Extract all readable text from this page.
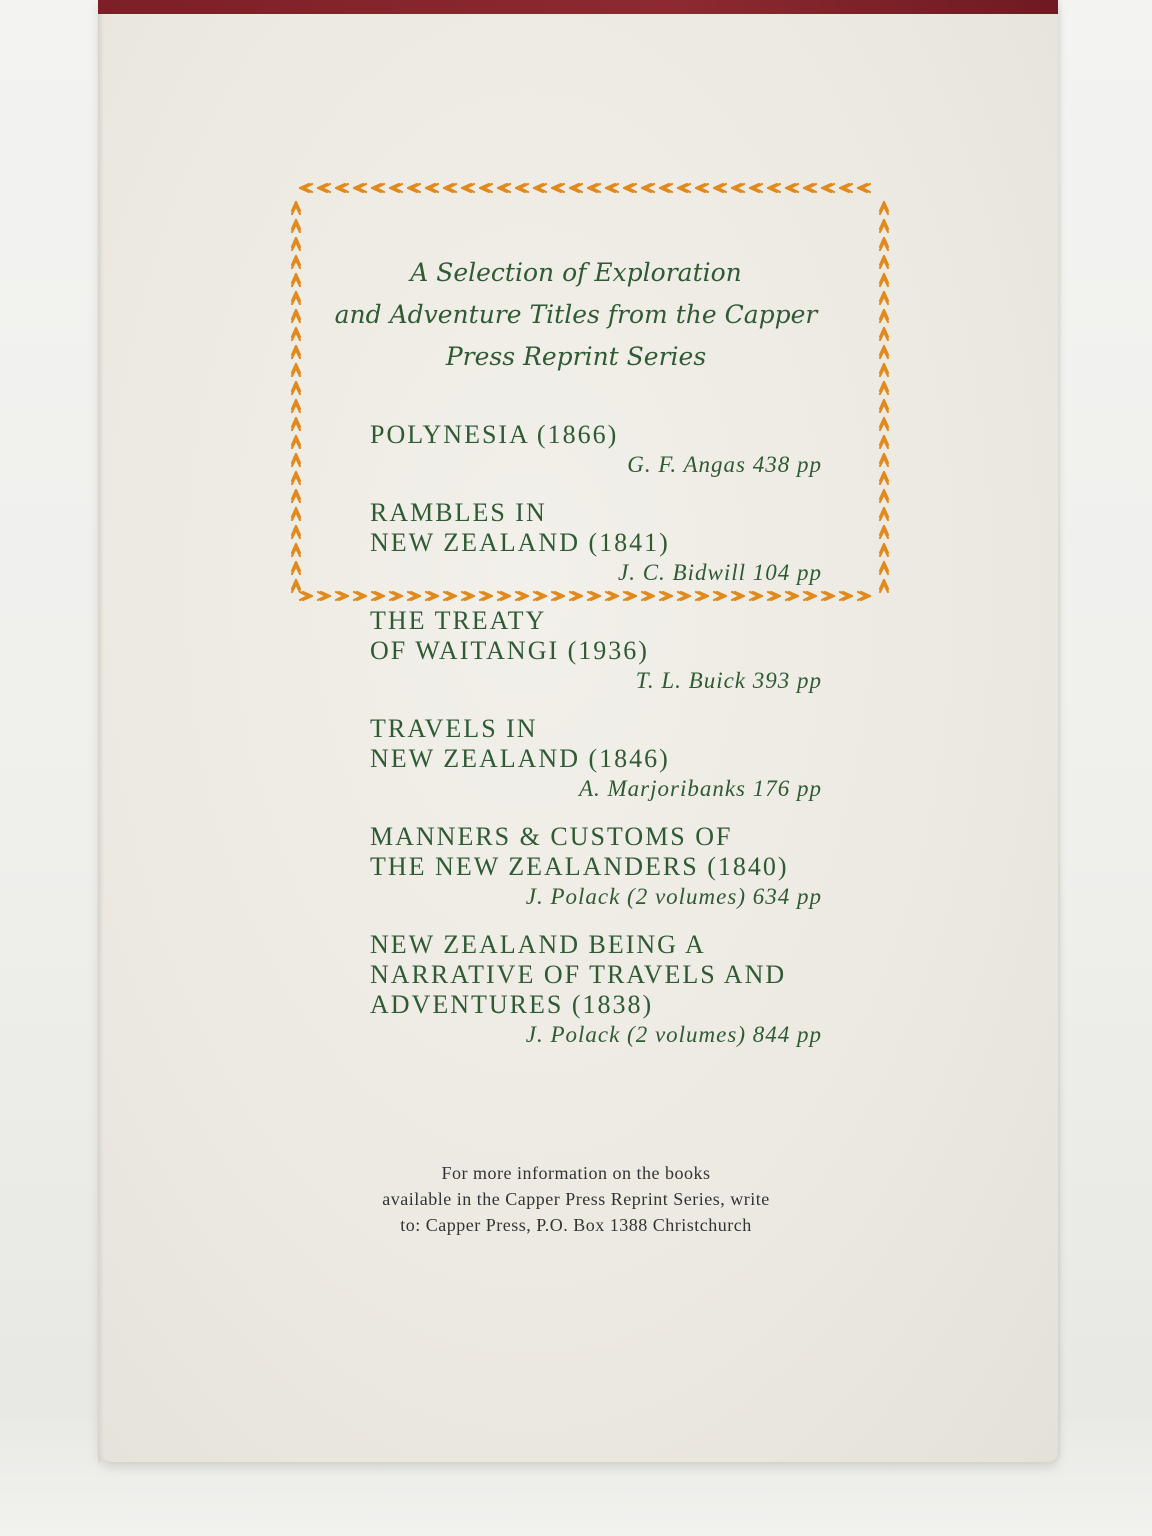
A Selection of Exploration
and Adventure Titles from the Capper
Press Reprint Series
POLYNESIA (1866)
G. F. Angas 438 pp
RAMBLES IN
NEW ZEALAND (1841)
J. C. Bidwill 104 pp
THE TREATY
OF WAITANGI (1936)
T. L. Buick 393 pp
TRAVELS IN
NEW ZEALAND (1846)
A. Marjoribanks 176 pp
MANNERS & CUSTOMS OF
THE NEW ZEALANDERS (1840)
J. Polack (2 volumes) 634 pp
NEW ZEALAND BEING A
NARRATIVE OF TRAVELS AND
ADVENTURES (1838)
J. Polack (2 volumes) 844 pp
For more information on the books
available in the Capper Press Reprint Series, write
to: Capper Press, P.O. Box 1388 Christchurch
